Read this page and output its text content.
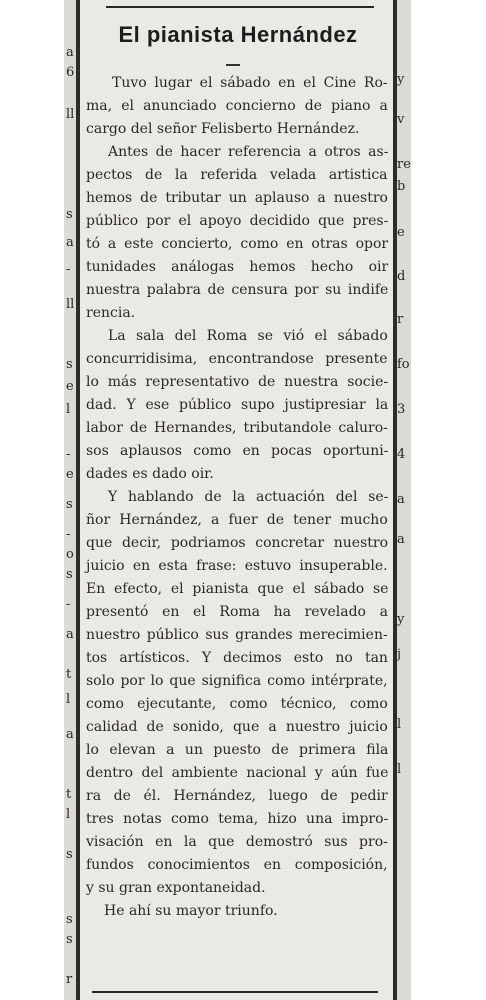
a
6
ll
s
a
-
ll
s
e
l
-
e
s
-
o
s
-
a
t
l
a
t
l
s
s
s
r
y
v
re
b
e
d
r
fo
3
4
a
a
y
j
l
l
El pianista Hernández
Tuvo lugar el sábado en el Cine Ro-
ma, el anunciado concierno de piano a
cargo del señor Felisberto Hernández.
Antes de hacer referencia a otros as-
pectos de la referida velada artistica
hemos de tributar un aplauso a nuestro
público por el apoyo decidido que pres-
tó a este concierto, como en otras opor
tunidades análogas hemos hecho oir
nuestra palabra de censura por su indife
rencia.
La sala del Roma se vió el sábado
concurridisima, encontrandose presente
lo más representativo de nuestra socie-
dad. Y ese público supo justipresiar la
labor de Hernandes, tributandole caluro-
sos aplausos como en pocas oportuni-
dades es dado oir.
Y hablando de la actuación del se-
ñor Hernández, a fuer de tener mucho
que decir, podriamos concretar nuestro
juicio en esta frase: estuvo insuperable.
En efecto, el pianista que el sábado se
presentó en el Roma ha revelado a
nuestro público sus grandes merecimien-
tos artísticos. Y decimos esto no tan
solo por lo que significa como intérprate,
como ejecutante, como técnico, como
calidad de sonido, que a nuestro juicio
lo elevan a un puesto de primera fila
dentro del ambiente nacional y aún fue
ra de él. Hernández, luego de pedir
tres notas como tema, hizo una impro-
visación en la que demostró sus pro-
fundos conocimientos en composición,
y su gran expontaneidad.
He ahí su mayor triunfo.
